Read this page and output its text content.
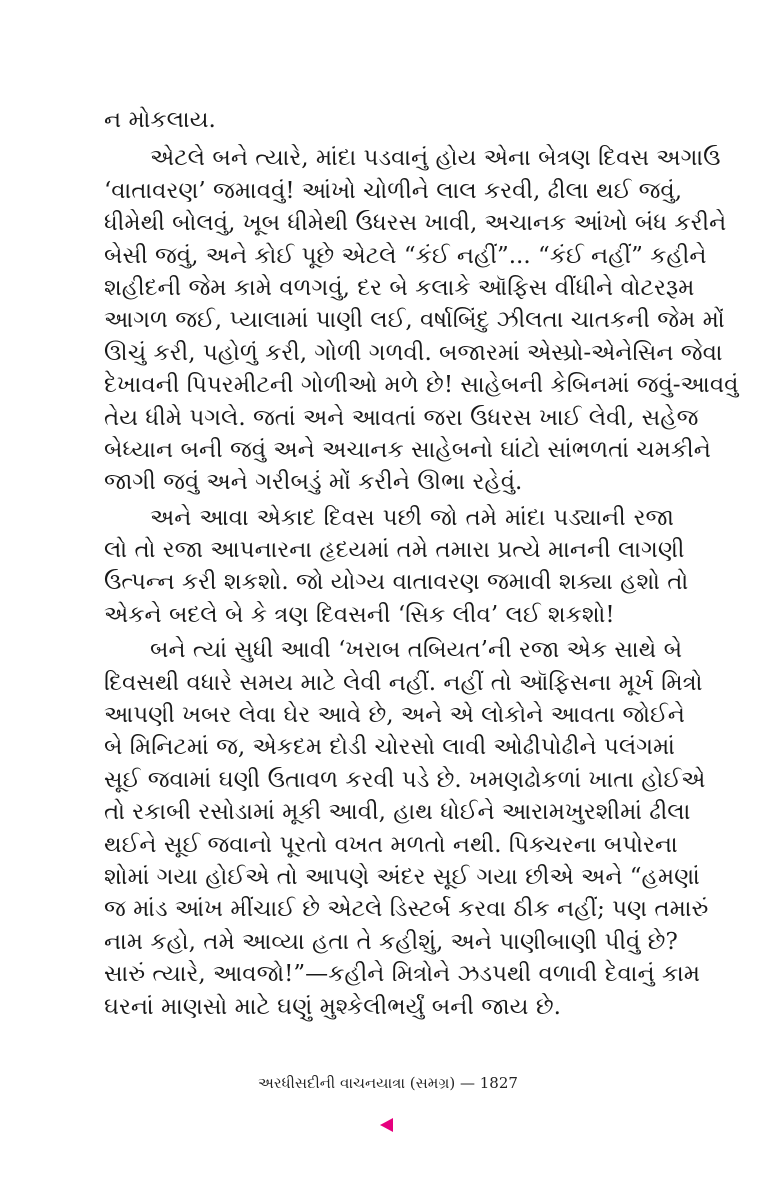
ન મોકલાય.
એટલે બને ત્યારે, માંદા પડવાનું હોય એના બેત્રણ દિવસ અગાઉ
‘વાતાવરણ’ જમાવવું! આંખો ચોળીને લાલ કરવી, ઢીલા થઈ જવું,
ધીમેથી બોલવું, ખૂબ ધીમેથી ઉધરસ ખાવી, અચાનક આંખો બંધ કરીને
બેસી જવું, અને કોઈ પૂછે એટલે “કંઈ નહીં”... “કંઈ નહીં” કહીને
શહીદની જેમ કામે વળગવું, દર બે કલાકે ઑફિસ વીંધીને વોટરરૂમ
આગળ જઈ, પ્યાલામાં પાણી લઈ, વર્ષાબિંદુ ઝીલતા ચાતકની જેમ મોં
ઊચું કરી, પહોળું કરી, ગોળી ગળવી. બજારમાં એસ્પ્રો-એનેસિન જેવા
દેખાવની પિપરમીટની ગોળીઓ મળે છે! સાહેબની કેબિનમાં જવું-આવવું
તેય ધીમે પગલે. જતાં અને આવતાં જરા ઉધરસ ખાઈ લેવી, સહેજ
બેધ્યાન બની જવું અને અચાનક સાહેબનો ઘાંટો સાંભળતાં ચમકીને
જાગી જવું અને ગરીબડું મોં કરીને ઊભા રહેવું.
અને આવા એકાદ દિવસ પછી જો તમે માંદા પડ્યાની રજા
લો તો રજા આપનારના હૃદયમાં તમે તમારા પ્રત્યે માનની લાગણી
ઉત્પન્ન કરી શકશો. જો યોગ્ય વાતાવરણ જમાવી શક્યા હશો તો
એકને બદલે બે કે ત્રણ દિવસની ‘સિક લીવ’ લઈ શકશો!
બને ત્યાં સુધી આવી ‘ખરાબ તબિયત’ની રજા એક સાથે બે
દિવસથી વધારે સમય માટે લેવી નહીં. નહીં તો ઑફિસના મૂર્ખ મિત્રો
આપણી ખબર લેવા ઘેર આવે છે, અને એ લોકોને આવતા જોઈને
બે મિનિટમાં જ, એકદમ દોડી ચોરસો લાવી ઓઢીપોઢીને પલંગમાં
સૂઈ જવામાં ઘણી ઉતાવળ કરવી પડે છે. ખમણઢોકળાં ખાતા હોઈએ
તો રકાબી રસોડામાં મૂકી આવી, હાથ ધોઈને આરામખુરશીમાં ઢીલા
થઈને સૂઈ જવાનો પૂરતો વખત મળતો નથી. પિક્ચરના બપોરના
શોમાં ગયા હોઈએ તો આપણે અંદર સૂઈ ગયા છીએ અને “હમણાં
જ માંડ આંખ મીંચાઈ છે એટલે ડિસ્ટર્બ કરવા ઠીક નહીં; પણ તમારું
નામ કહો, તમે આવ્યા હતા તે કહીશું, અને પાણીબાણી પીવું છે?
સારું ત્યારે, આવજો!”—કહીને મિત્રોને ઝડપથી વળાવી દેવાનું કામ
ઘરનાં માણસો માટે ઘણું મુશ્કેલીભર્યું બની જાય છે.
અરધીસદીની વાચનયાત્રા (સમગ્ર) — 1827
